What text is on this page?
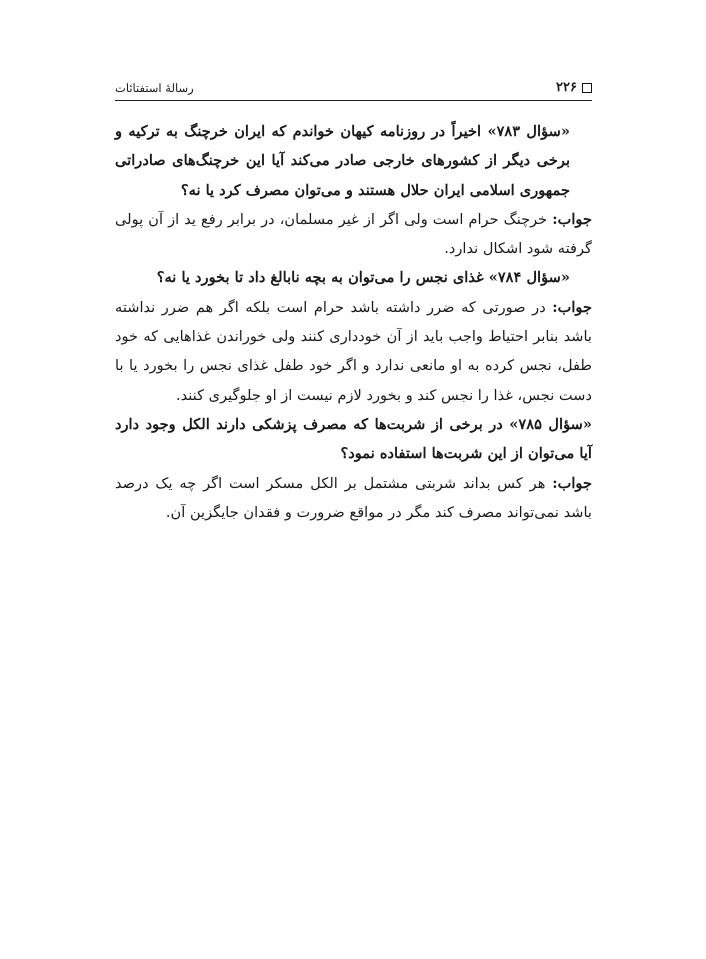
۲۲۶
رسالۀ استفتائات

«سؤال ۷۸۳» اخیراً در روزنامه کیهان خواندم که ایران خرچنگ به ترکیه و برخی دیگر از کشورهای خارجی صادر می‌کند آیا این خرچنگ‌های صادراتی جمهوری اسلامی ایران حلال هستند و می‌توان مصرف کرد یا نه؟

جواب: خرچنگ حرام است ولی اگر از غیر مسلمان، در برابر رفع ید از آن پولی گرفته شود اشکال ندارد.

«سؤال ۷۸۴» غذای نجس را می‌توان به بچه نابالغ داد تا بخورد یا نه؟

جواب: در صورتی که ضرر داشته باشد حرام است بلکه اگر هم ضرر نداشته باشد بنابر احتیاط واجب باید از آن خودداری کنند ولی خوراندن غذاهایی که خود طفل، نجس کرده به او مانعی ندارد و اگر خود طفل غذای نجس را بخورد یا با دست نجس، غذا را نجس کند و بخورد لازم نیست از او جلوگیری کنند.

«سؤال ۷۸۵» در برخی از شربت‌ها که مصرف پزشکی دارند الکل وجود دارد آیا می‌توان از این شربت‌ها استفاده نمود؟

جواب: هر کس بداند شربتی مشتمل بر الکل مسکر است اگر چه یک درصد باشد نمی‌تواند مصرف کند مگر در مواقع ضرورت و فقدان جایگزین آن.
